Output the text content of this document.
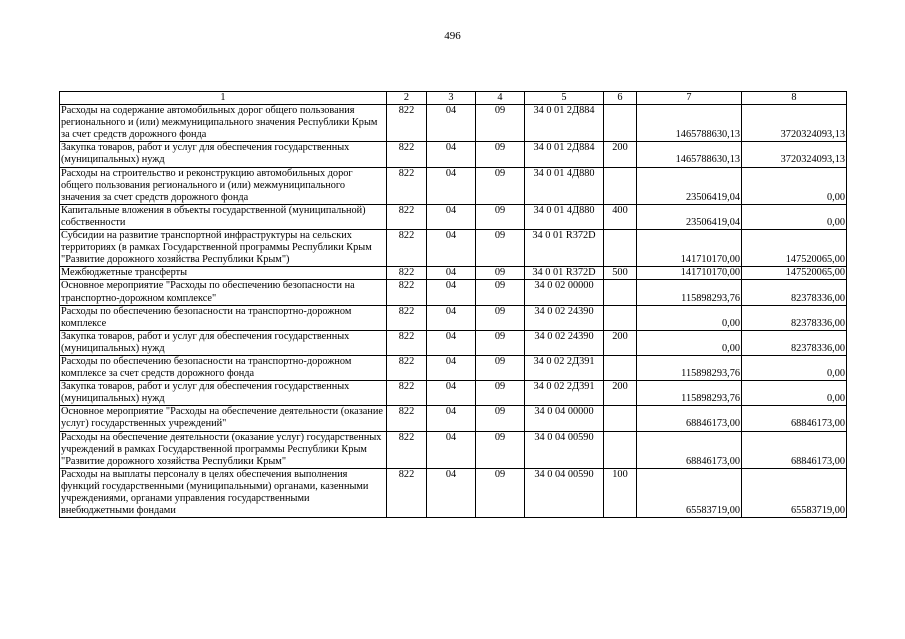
496
1	2	3	4	5	6	7	8
Расходы на содержание автомобильных дорог общего пользования регионального и (или) межмуниципального значения Республики Крым за счет средств дорожного фонда	822	04	09	34 0 01 2Д884		1465788630,13	3720324093,13
Закупка товаров, работ и услуг для обеспечения государственных (муниципальных) нужд	822	04	09	34 0 01 2Д884	200	1465788630,13	3720324093,13
Расходы на строительство и реконструкцию автомобильных дорог общего пользования регионального и (или) межмуниципального значения за счет средств дорожного фонда	822	04	09	34 0 01 4Д880		23506419,04	0,00
Капитальные вложения в объекты государственной (муниципальной) собственности	822	04	09	34 0 01 4Д880	400	23506419,04	0,00
Субсидии на развитие транспортной инфраструктуры на сельских территориях (в рамках Государственной программы Республики Крым "Развитие дорожного хозяйства Республики Крым")	822	04	09	34 0 01 R372D		141710170,00	147520065,00
Межбюджетные трансферты	822	04	09	34 0 01 R372D	500	141710170,00	147520065,00
Основное мероприятие "Расходы по обеспечению безопасности на транспортно-дорожном комплексе"	822	04	09	34 0 02 00000		115898293,76	82378336,00
Расходы по обеспечению безопасности на транспортно-дорожном комплексе	822	04	09	34 0 02 24390		0,00	82378336,00
Закупка товаров, работ и услуг для обеспечения государственных (муниципальных) нужд	822	04	09	34 0 02 24390	200	0,00	82378336,00
Расходы по обеспечению безопасности на транспортно-дорожном комплексе за счет средств дорожного фонда	822	04	09	34 0 02 2Д391		115898293,76	0,00
Закупка товаров, работ и услуг для обеспечения государственных (муниципальных) нужд	822	04	09	34 0 02 2Д391	200	115898293,76	0,00
Основное мероприятие "Расходы на обеспечение деятельности (оказание услуг) государственных учреждений"	822	04	09	34 0 04 00000		68846173,00	68846173,00
Расходы на обеспечение деятельности (оказание услуг) государственных учреждений в рамках Государственной программы Республики Крым "Развитие дорожного хозяйства Республики Крым"	822	04	09	34 0 04 00590		68846173,00	68846173,00
Расходы на выплаты персоналу в целях обеспечения выполнения функций государственными (муниципальными) органами, казенными учреждениями, органами управления государственными внебюджетными фондами	822	04	09	34 0 04 00590	100	65583719,00	65583719,00
